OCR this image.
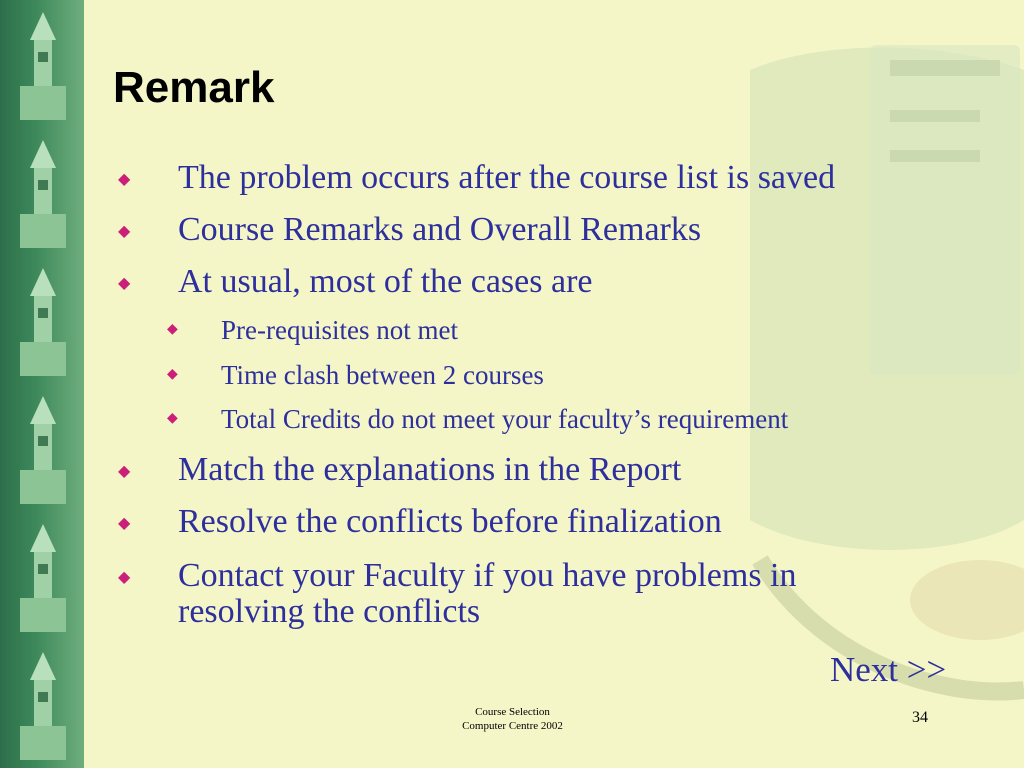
Remark
◆ The problem occurs after the course list is saved
◆ Course Remarks and Overall Remarks
◆ At usual, most of the cases are
◆ Pre-requisites not met
◆ Time clash between 2 courses
◆ Total Credits do not meet your faculty’s requirement
◆ Match the explanations in the Report
◆ Resolve the conflicts before finalization
◆ Contact your Faculty if you have problems in resolving the conflicts
Next >>
Course Selection
Computer Centre 2002
34
